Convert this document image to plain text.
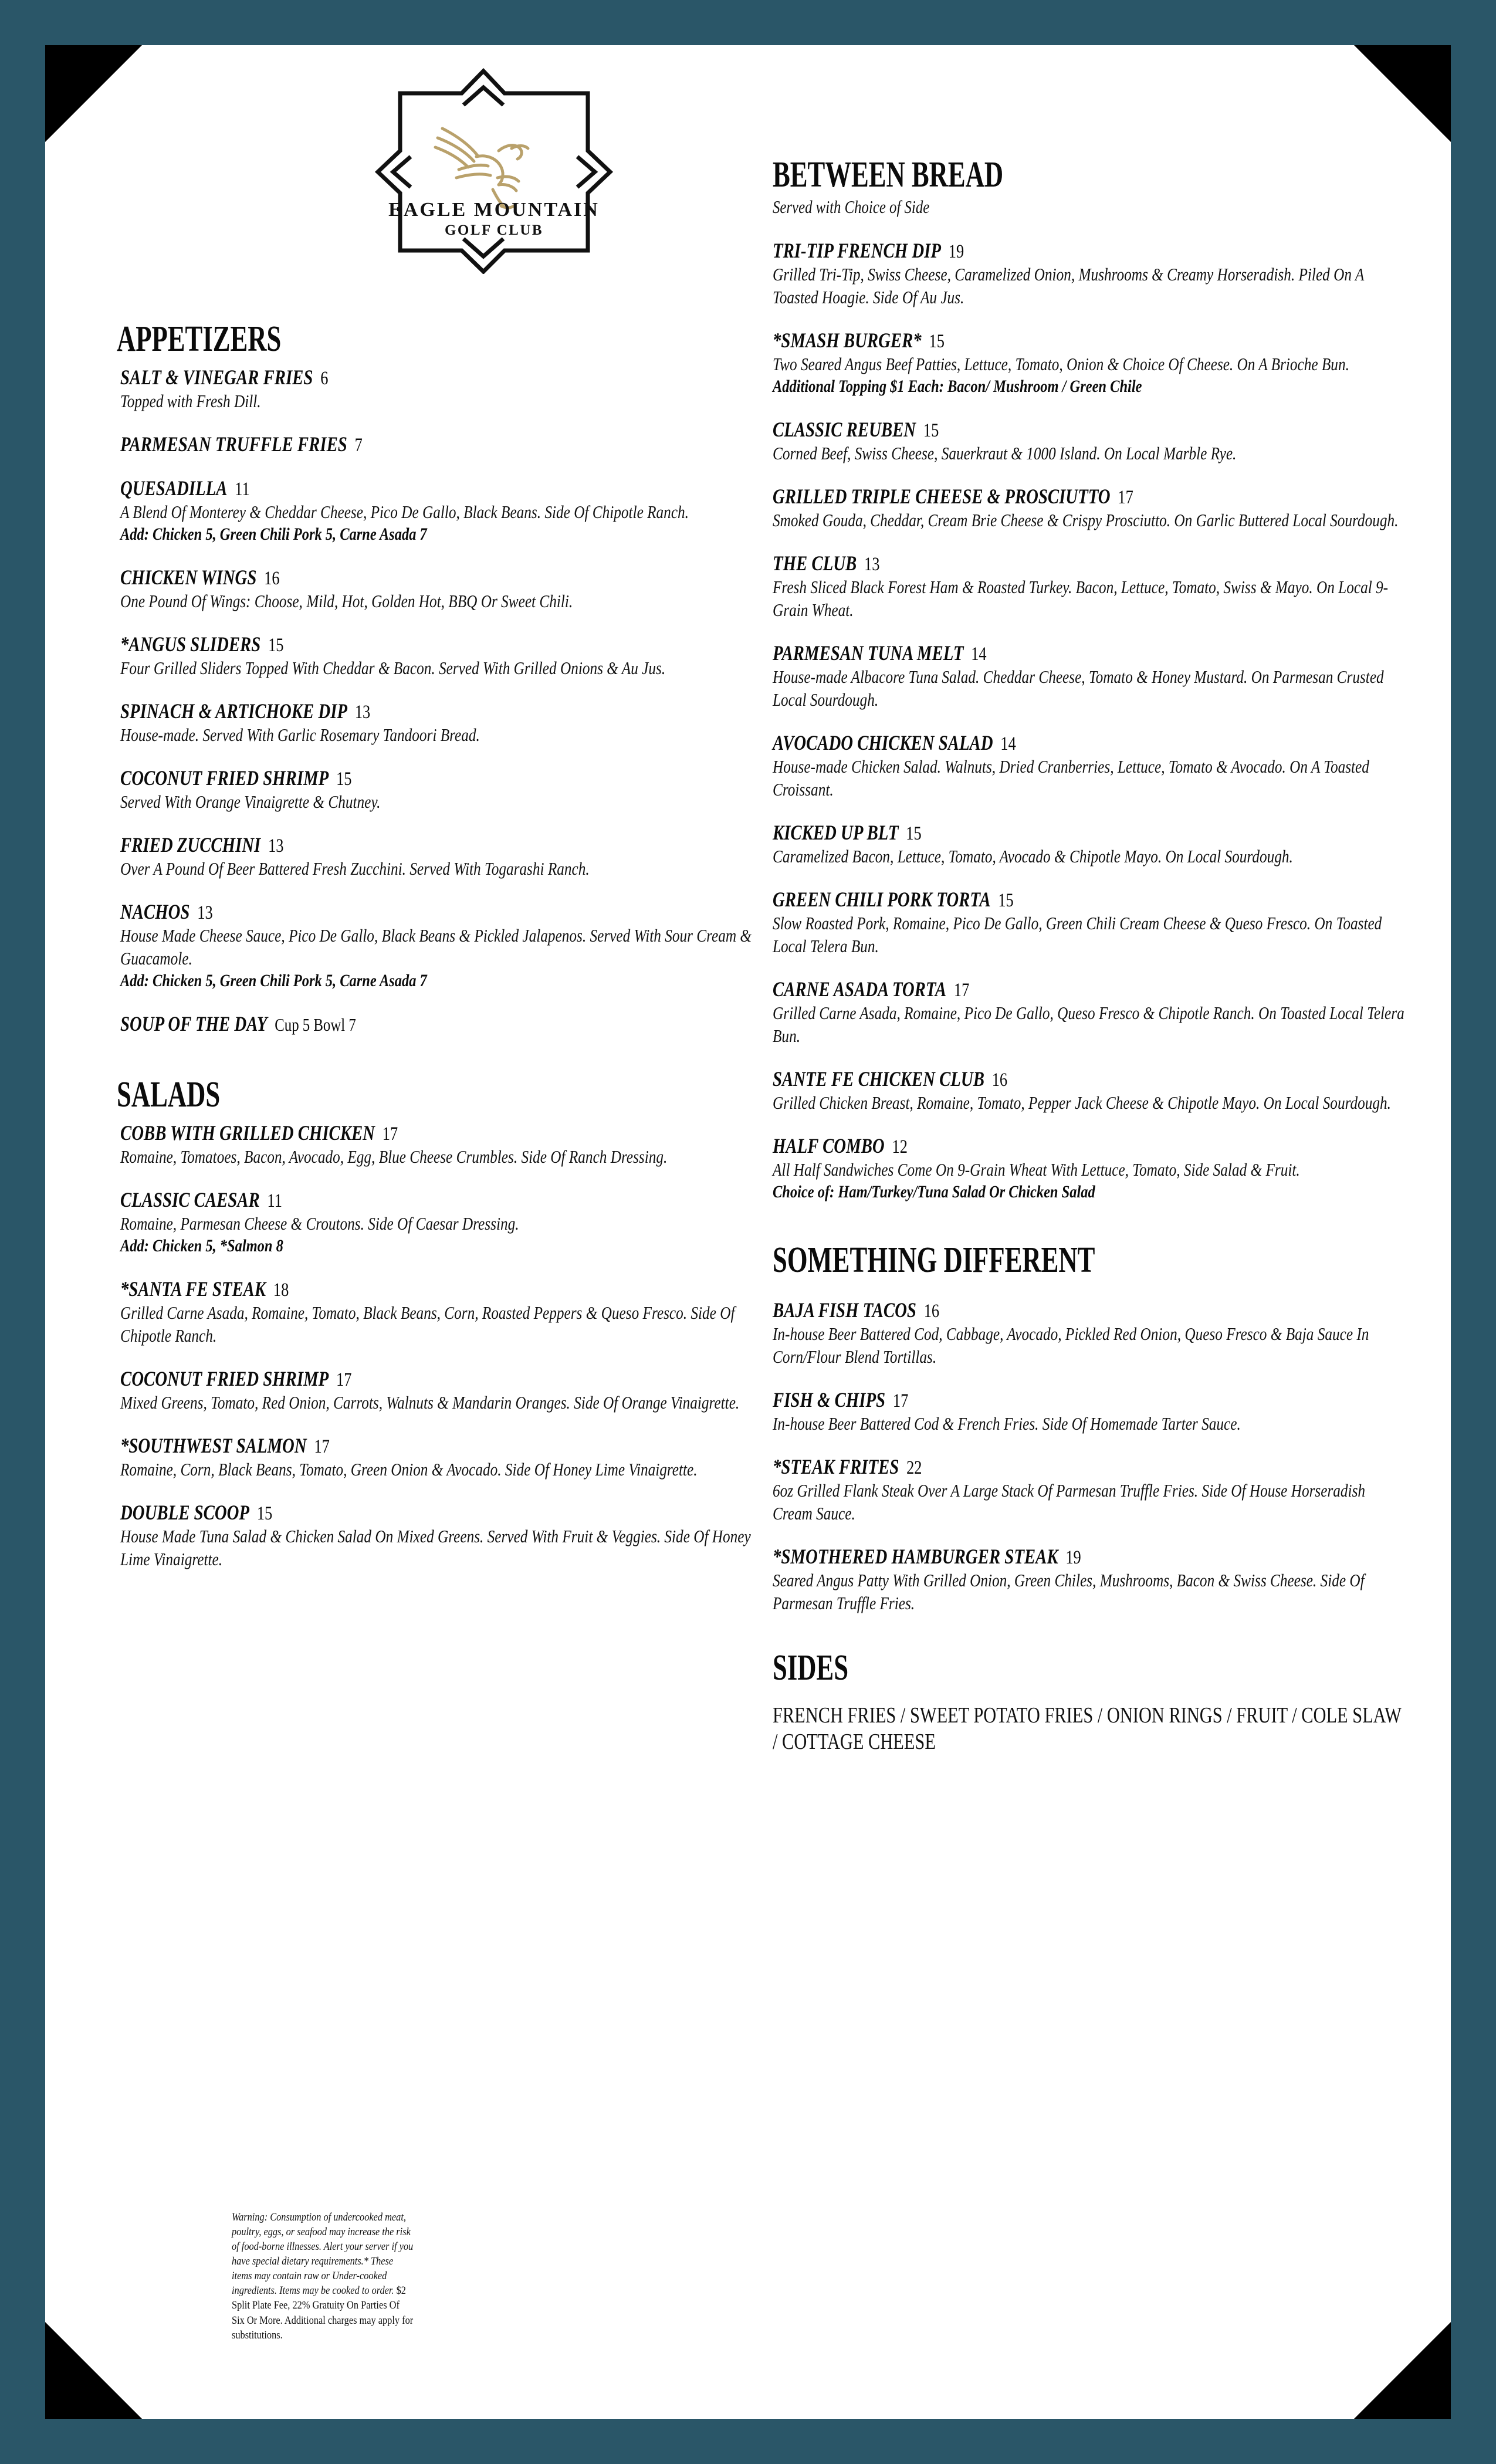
EAGLE MOUNTAIN
GOLF CLUB
APPETIZERS
SALT & VINEGAR FRIES 6
Topped with Fresh Dill.
PARMESAN TRUFFLE FRIES 7
QUESADILLA 11
A Blend Of Monterey & Cheddar Cheese, Pico De Gallo, Black Beans. Side Of Chipotle Ranch.
Add: Chicken 5, Green Chili Pork 5, Carne Asada 7
CHICKEN WINGS 16
One Pound Of Wings: Choose, Mild, Hot, Golden Hot, BBQ Or Sweet Chili.
*ANGUS SLIDERS 15
Four Grilled Sliders Topped With Cheddar & Bacon. Served With Grilled Onions & Au Jus.
SPINACH & ARTICHOKE DIP 13
House-made. Served With Garlic Rosemary Tandoori Bread.
COCONUT FRIED SHRIMP 15
Served With Orange Vinaigrette & Chutney.
FRIED ZUCCHINI 13
Over A Pound Of Beer Battered Fresh Zucchini. Served With Togarashi Ranch.
NACHOS 13
House Made Cheese Sauce, Pico De Gallo, Black Beans & Pickled Jalapenos. Served With Sour Cream & Guacamole.
Add: Chicken 5, Green Chili Pork 5, Carne Asada 7
SOUP OF THE DAY Cup 5 Bowl 7
SALADS
COBB WITH GRILLED CHICKEN 17
Romaine, Tomatoes, Bacon, Avocado, Egg, Blue Cheese Crumbles. Side Of Ranch Dressing.
CLASSIC CAESAR 11
Romaine, Parmesan Cheese & Croutons. Side Of Caesar Dressing.
Add: Chicken 5, *Salmon 8
*SANTA FE STEAK 18
Grilled Carne Asada, Romaine, Tomato, Black Beans, Corn, Roasted Peppers & Queso Fresco. Side Of Chipotle Ranch.
COCONUT FRIED SHRIMP 17
Mixed Greens, Tomato, Red Onion, Carrots, Walnuts & Mandarin Oranges. Side Of Orange Vinaigrette.
*SOUTHWEST SALMON 17
Romaine, Corn, Black Beans, Tomato, Green Onion & Avocado. Side Of Honey Lime Vinaigrette.
DOUBLE SCOOP 15
House Made Tuna Salad & Chicken Salad On Mixed Greens. Served With Fruit & Veggies. Side Of Honey Lime Vinaigrette.
Warning: Consumption of undercooked meat, poultry, eggs, or seafood may increase the risk of food-borne illnesses. Alert your server if you have special dietary requirements.* These items may contain raw or Under-cooked ingredients. Items may be cooked to order. $2 Split Plate Fee, 22% Gratuity On Parties Of Six Or More. Additional charges may apply for substitutions.
BETWEEN BREAD
Served with Choice of Side
TRI-TIP FRENCH DIP 19
Grilled Tri-Tip, Swiss Cheese, Caramelized Onion, Mushrooms & Creamy Horseradish. Piled On A Toasted Hoagie. Side Of Au Jus.
*SMASH BURGER* 15
Two Seared Angus Beef Patties, Lettuce, Tomato, Onion & Choice Of Cheese. On A Brioche Bun.
Additional Topping $1 Each: Bacon/ Mushroom / Green Chile
CLASSIC REUBEN 15
Corned Beef, Swiss Cheese, Sauerkraut & 1000 Island. On Local Marble Rye.
GRILLED TRIPLE CHEESE & PROSCIUTTO 17
Smoked Gouda, Cheddar, Cream Brie Cheese & Crispy Prosciutto. On Garlic Buttered Local Sourdough.
THE CLUB 13
Fresh Sliced Black Forest Ham & Roasted Turkey. Bacon, Lettuce, Tomato, Swiss & Mayo. On Local 9-Grain Wheat.
PARMESAN TUNA MELT 14
House-made Albacore Tuna Salad. Cheddar Cheese, Tomato & Honey Mustard. On Parmesan Crusted Local Sourdough.
AVOCADO CHICKEN SALAD 14
House-made Chicken Salad. Walnuts, Dried Cranberries, Lettuce, Tomato & Avocado. On A Toasted Croissant.
KICKED UP BLT 15
Caramelized Bacon, Lettuce, Tomato, Avocado & Chipotle Mayo. On Local Sourdough.
GREEN CHILI PORK TORTA 15
Slow Roasted Pork, Romaine, Pico De Gallo, Green Chili Cream Cheese & Queso Fresco. On Toasted Local Telera Bun.
CARNE ASADA TORTA 17
Grilled Carne Asada, Romaine, Pico De Gallo, Queso Fresco & Chipotle Ranch. On Toasted Local Telera Bun.
SANTE FE CHICKEN CLUB 16
Grilled Chicken Breast, Romaine, Tomato, Pepper Jack Cheese & Chipotle Mayo. On Local Sourdough.
HALF COMBO 12
All Half Sandwiches Come On 9-Grain Wheat With Lettuce, Tomato, Side Salad & Fruit.
Choice of: Ham/Turkey/Tuna Salad Or Chicken Salad
SOMETHING DIFFERENT
BAJA FISH TACOS 16
In-house Beer Battered Cod, Cabbage, Avocado, Pickled Red Onion, Queso Fresco & Baja Sauce In Corn/Flour Blend Tortillas.
FISH & CHIPS 17
In-house Beer Battered Cod & French Fries. Side Of Homemade Tarter Sauce.
*STEAK FRITES 22
6oz Grilled Flank Steak Over A Large Stack Of Parmesan Truffle Fries. Side Of House Horseradish Cream Sauce.
*SMOTHERED HAMBURGER STEAK 19
Seared Angus Patty With Grilled Onion, Green Chiles, Mushrooms, Bacon & Swiss Cheese. Side Of Parmesan Truffle Fries.
SIDES
FRENCH FRIES / SWEET POTATO FRIES / ONION RINGS / FRUIT / COLE SLAW / COTTAGE CHEESE
